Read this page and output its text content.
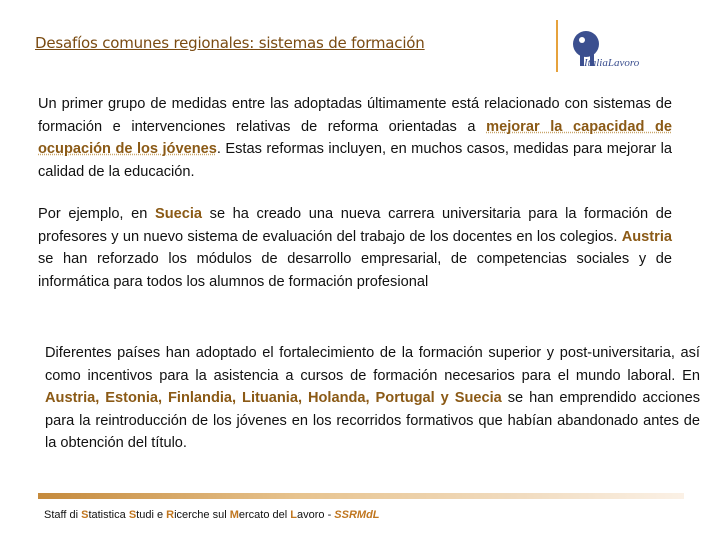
Desafíos comunes regionales: sistemas de formación
ItaliaLavoro
Un primer grupo de medidas entre las adoptadas últimamente está relacionado con sistemas de formación e intervenciones relativas de reforma orientadas a mejorar la capacidad de ocupación de los jóvenes. Estas reformas incluyen, en muchos casos, medidas para mejorar la calidad de la educación.
Por ejemplo, en Suecia se ha creado una nueva carrera universitaria para la formación de profesores y un nuevo sistema de evaluación del trabajo de los docentes en los colegios. Austria se han reforzado los módulos de desarrollo empresarial, de competencias sociales y de informática para todos los alumnos de formación profesional
Diferentes países han adoptado el fortalecimiento de la formación superior y post-universitaria, así como incentivos para la asistencia a cursos de formación necesarios para el mundo laboral. En Austria, Estonia, Finlandia, Lituania, Holanda, Portugal y Suecia se han emprendido acciones para la reintroducción de los jóvenes en los recorridos formativos que habían abandonado antes de la obtención del título.
Staff di Statistica Studi e Ricerche sul Mercato del Lavoro - SSRMdL
